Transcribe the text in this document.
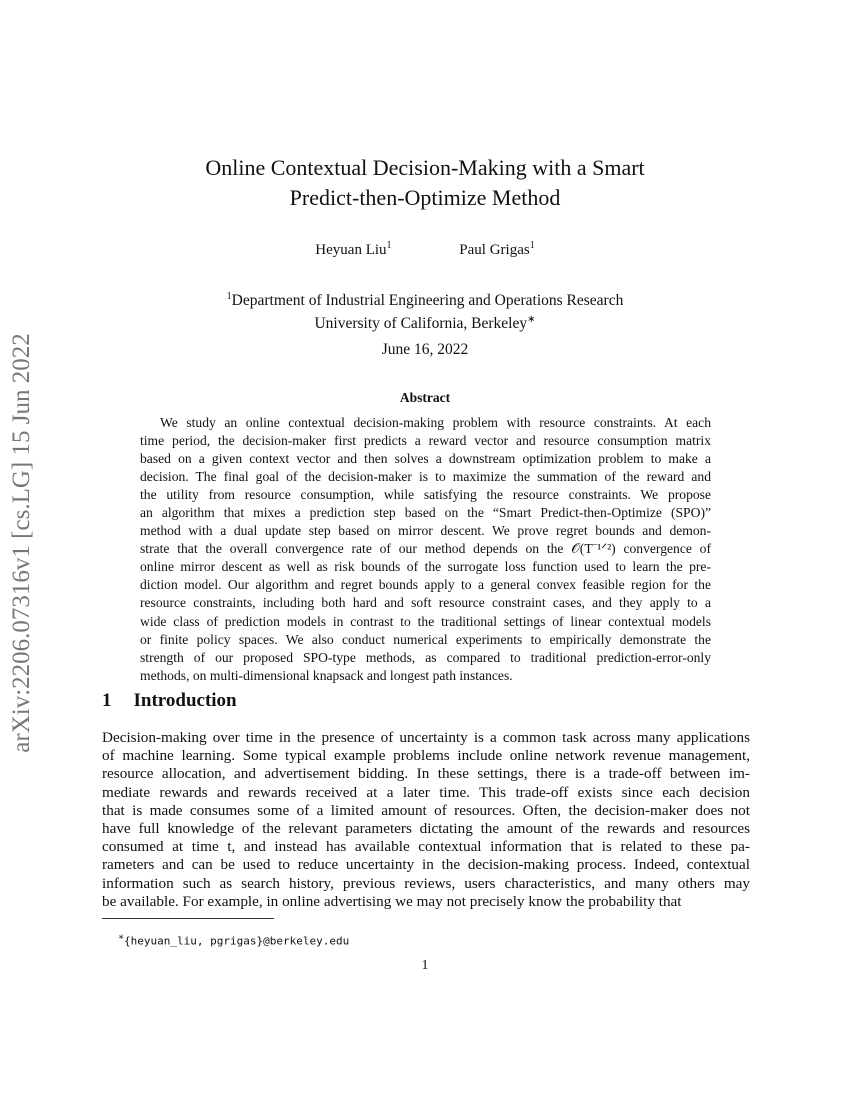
arXiv:2206.07316v1 [cs.LG] 15 Jun 2022
Online Contextual Decision-Making with a Smart
Predict-then-Optimize Method
Heyuan Liu$^1$	Paul Grigas$^1$
$^1$Department of Industrial Engineering and Operations Research
University of California, Berkeley∗
June 16, 2022
Abstract
We study an online contextual decision-making problem with resource constraints. At each
time period, the decision-maker first predicts a reward vector and resource consumption matrix
based on a given context vector and then solves a downstream optimization problem to make a
decision. The final goal of the decision-maker is to maximize the summation of the reward and
the utility from resource consumption, while satisfying the resource constraints. We propose
an algorithm that mixes a prediction step based on the “Smart Predict-then-Optimize (SPO)”
method with a dual update step based on mirror descent. We prove regret bounds and demon-
strate that the overall convergence rate of our method depends on the 𝒪(T⁻¹ᐟ²) convergence of
online mirror descent as well as risk bounds of the surrogate loss function used to learn the pre-
diction model. Our algorithm and regret bounds apply to a general convex feasible region for the
resource constraints, including both hard and soft resource constraint cases, and they apply to a
wide class of prediction models in contrast to the traditional settings of linear contextual models
or finite policy spaces. We also conduct numerical experiments to empirically demonstrate the
strength of our proposed SPO-type methods, as compared to traditional prediction-error-only
methods, on multi-dimensional knapsack and longest path instances.
1 Introduction
Decision-making over time in the presence of uncertainty is a common task across many applications
of machine learning. Some typical example problems include online network revenue management,
resource allocation, and advertisement bidding. In these settings, there is a trade-off between im-
mediate rewards and rewards received at a later time. This trade-off exists since each decision
that is made consumes some of a limited amount of resources. Often, the decision-maker does not
have full knowledge of the relevant parameters dictating the amount of the rewards and resources
consumed at time t, and instead has available contextual information that is related to these pa-
rameters and can be used to reduce uncertainty in the decision-making process. Indeed, contextual
information such as search history, previous reviews, users characteristics, and many others may
be available. For example, in online advertising we may not precisely know the probability that
∗{heyuan_liu, pgrigas}@berkeley.edu
1
